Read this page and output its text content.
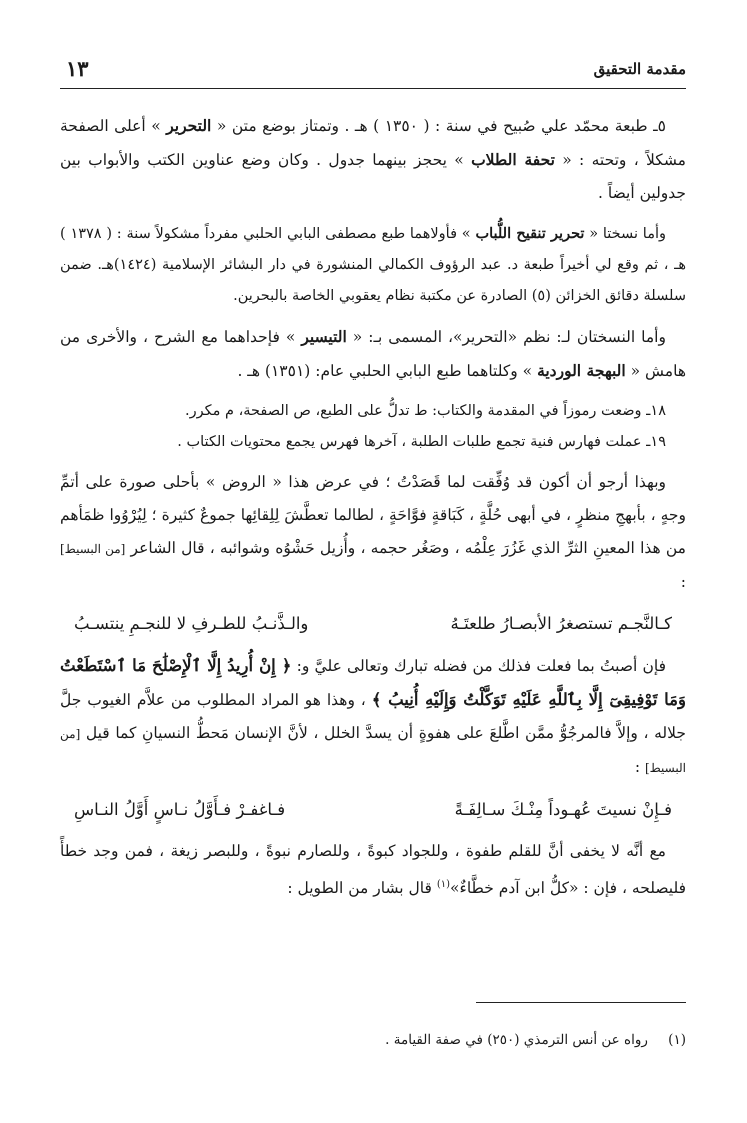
مقدمة التحقيق
١٣

٥ـ طبعة محمّد علي صُبيح في سنة : ( ١٣٥٠ ) هـ . وتمتاز بوضع متن « التحرير » أعلى الصفحة مشكلاً ، وتحته : « تحفة الطلاب » يحجز بينهما جدول . وكان وضع عناوين الكتب والأبواب بين جدولين أيضاً .

وأما نسختا « تحرير تنقيح اللُّباب » فأولاهما طبع مصطفى البابي الحلبي مفرداً مشكولاً سنة : ( ١٣٧٨ ) هـ ، ثم وقع لي أخيراً طبعة د. عبد الرؤوف الكمالي المنشورة في دار البشائر الإسلامية (١٤٢٤)هـ. ضمن سلسلة دقائق الخزائن (٥) الصادرة عن مكتبة نظام يعقوبي الخاصة بالبحرين.

وأما النسختان لـ: نظم «التحرير»، المسمى بـ: « التيسير » فإحداهما مع الشرح ، والأخرى من هامش « البهجة الوردية » وكلتاهما طبع البابي الحلبي عام: (١٣٥١) هـ .

١٨ـ وضعت رموزاً في المقدمة والكتاب: ط تدلُّ على الطبع، ص الصفحة، م مكرر.

١٩ـ عملت فهارس فنية تجمع طلبات الطلبة ، آخرها فهرس يجمع محتويات الكتاب .

وبهذا أرجو أن أكون قد وُفِّقت لما قَصَدْتُ ؛ في عرض هذا « الروض » بأحلى صورة على أتمِّ وجهٍ ، بأبهجِ منظرٍ ، في أبهى حُلَّةٍ ، كَبَاقةٍ فوَّاحَةٍ ، لطالما تعطَّشَ لِلِقائِها جموعٌ كثيرة ؛ لِيُرْوُوا ظمَأهم من هذا المعينِ الثرِّ الذي غَزُرَ عِلْمُه ، وصَغُر حجمه ، وأُزيل حَشْوُه وشوائبه ، قال الشاعر [من البسيط] :

كـالنَّجـم تستصغرُ الأبصـارُ طلعتَـهُ
والـذَّنـبُ للطـرفِ لا للنجـمِ ينتسـبُ

فإن أصبتُ بما فعلت فذلك من فضله تبارك وتعالى عليَّ و: ﴿ إِنْ أُرِيدُ إِلَّا ٱلْإِصْلَٰحَ مَا ٱسْتَطَعْتُ وَمَا تَوْفِيقِىٓ إِلَّا بِٱللَّهِ عَلَيْهِ تَوَكَّلْتُ وَإِلَيْهِ أُنِيبُ ﴾ ، وهذا هو المراد المطلوب من علاَّم الغيوب جلَّ جلاله ، وإلاَّ فالمرجُوُّ ممَّن اطَّلعَ على هفوةٍ أن يسدَّ الخلل ، لأنَّ الإنسان مَحطُّ النسيانِ كما قيل [من البسيط] :

فـإِنْ نسيتَ عُهـوداً مِنْـكَ سـالِفَـةً
فـاغفـرْ فـأَوَّلُ نـاسٍ أَوَّلُ النـاسِ

مع أنَّه لا يخفى أنَّ للقلم طفوة ، وللجواد كبوةً ، وللصارم نبوةً ، وللبصر زيغة ، فمن وجد خطأً فليصلحه ، فإن : «كلُّ ابن آدم خطَّاءٌ»$^{(١)}$ قال بشار من الطويل :

(١) رواه عن أنس الترمذي (٢٥٠) في صفة القيامة .
